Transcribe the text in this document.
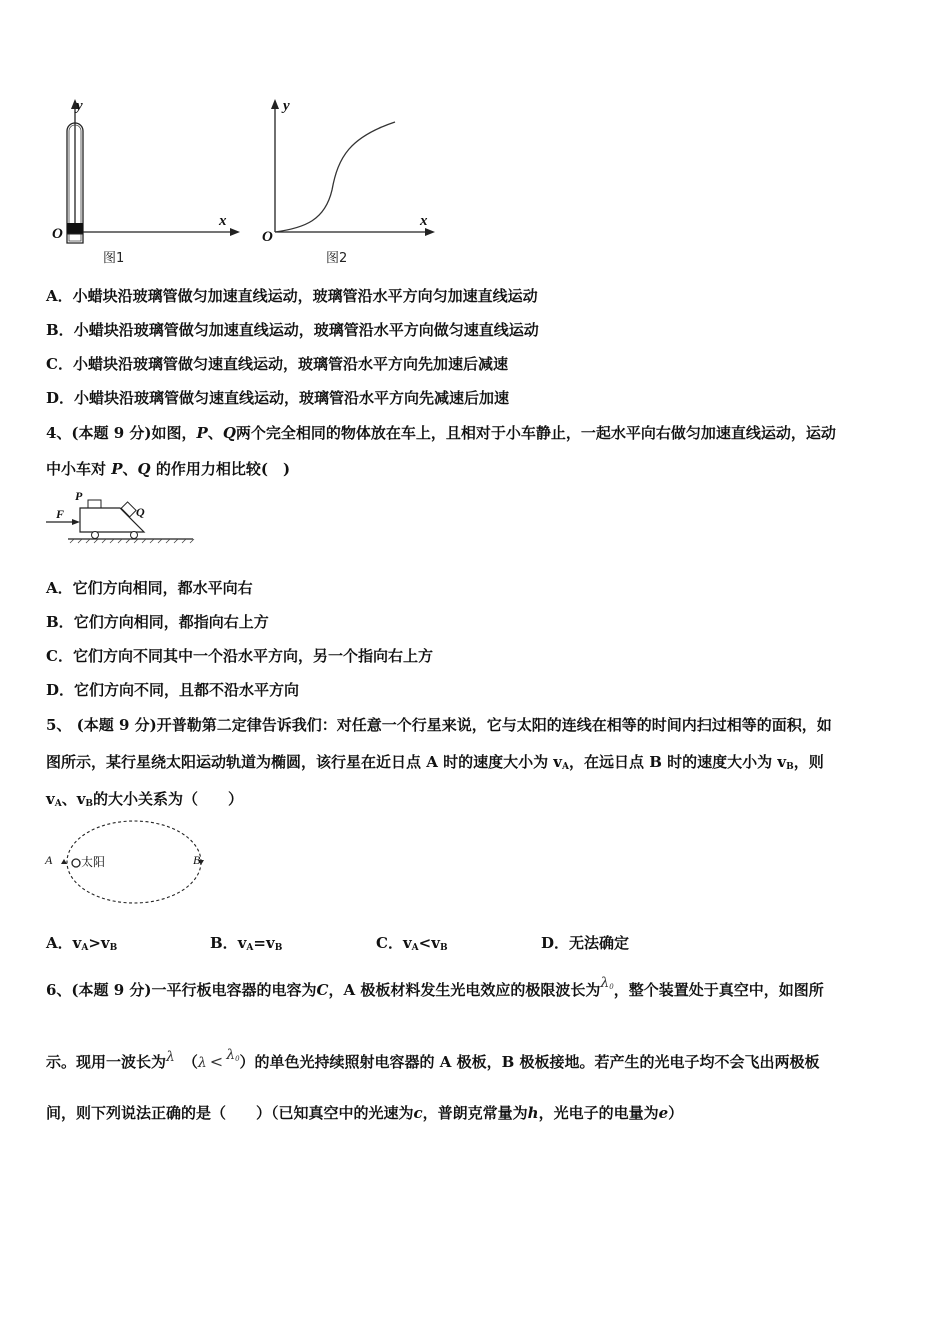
y
x
O
图1
y
x
O
图2
A．小蜡块沿玻璃管做匀加速直线运动，玻璃管沿水平方向匀加速直线运动
B．小蜡块沿玻璃管做匀加速直线运动，玻璃管沿水平方向做匀速直线运动
C．小蜡块沿玻璃管做匀速直线运动，玻璃管沿水平方向先加速后减速
D．小蜡块沿玻璃管做匀速直线运动，玻璃管沿水平方向先减速后加速
4、(本题 9 分)如图，P、Q两个完全相同的物体放在车上，且相对于小车静止，一起水平向右做匀加速直线运动，运动
中小车对 P、Q 的作用力相比较(　)
P
Q
F
A．它们方向相同，都水平向右
B．它们方向相同，都指向右上方
C．它们方向不同其中一个沿水平方向，另一个指向右上方
D．它们方向不同，且都不沿水平方向
5、 (本题 9 分)开普勒第二定律告诉我们：对任意一个行星来说，它与太阳的连线在相等的时间内扫过相等的面积，如
图所示，某行星绕太阳运动轨道为椭圆，该行星在近日点 A 时的速度大小为 $v_A$，在远日点 B 时的速度大小为 $v_B$，则
$v_A$、$v_B$的大小关系为（　　）
A	B
太阳
A．$v_A>v_B$	B．$v_A=v_B$	C．$v_A<v_B$	D．无法确定
6、(本题 9 分)一平行板电容器的电容为C，A 极板材料发生光电效应的极限波长为$\lambda_0$，整个装置处于真空中，如图所
示。现用一波长为λ $(\lambda < \lambda_0)$的单色光持续照射电容器的 A 极板，B 极板接地。若产生的光电子均不会飞出两极板
间，则下列说法正确的是（　　）（已知真空中的光速为c，普朗克常量为h，光电子的电量为e）
